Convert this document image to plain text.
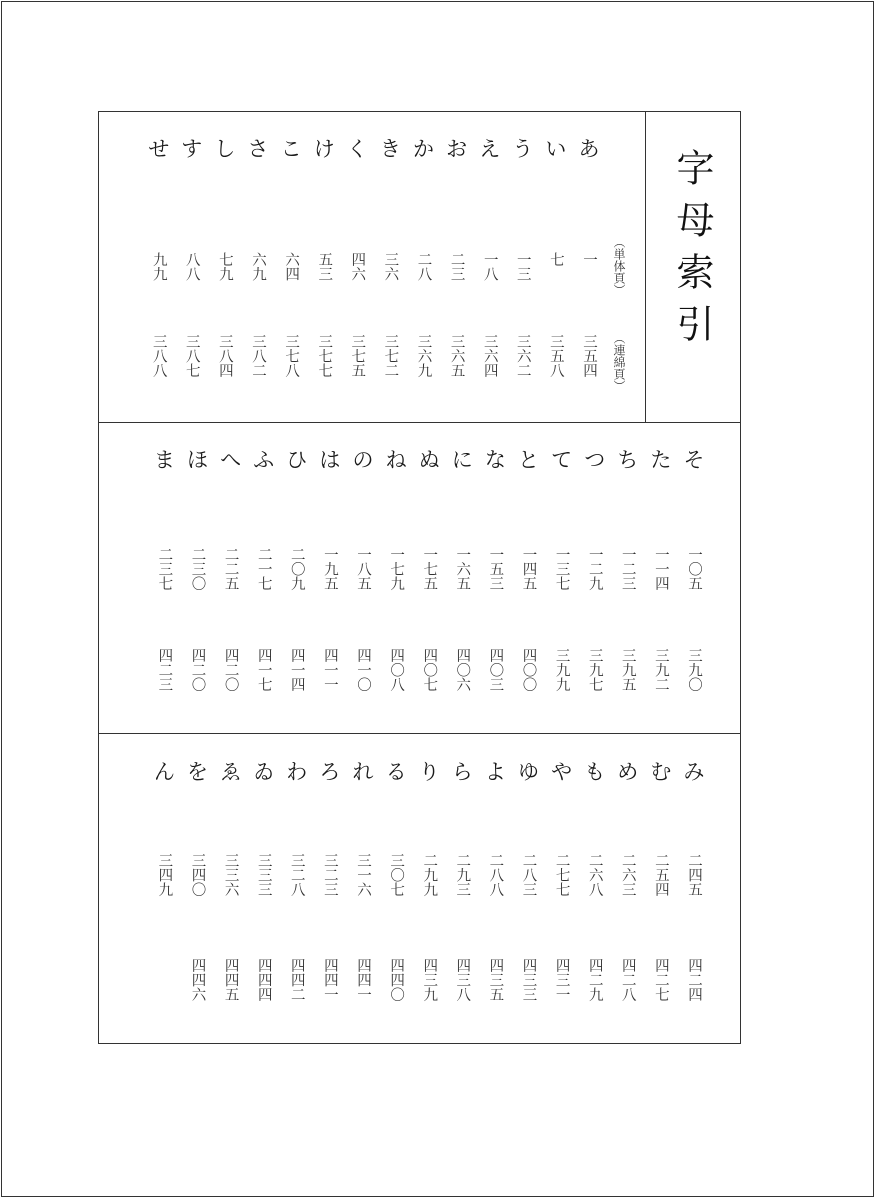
字母索引
（単体頁）
（連綿頁）
あ
一
三五四
い
七
三五八
う
一三
三六二
え
一八
三六四
お
二三
三六五
か
二八
三六九
き
三六
三七二
く
四六
三七五
け
五三
三七七
こ
六四
三七八
さ
六九
三八二
し
七九
三八四
す
八八
三八七
せ
九九
三八八
そ
一〇五
三九〇
た
一一四
三九二
ち
一二三
三九五
つ
一二九
三九七
て
一三七
三九九
と
一四五
四〇〇
な
一五三
四〇三
に
一六五
四〇六
ぬ
一七五
四〇七
ね
一七九
四〇八
の
一八五
四一〇
は
一九五
四一一
ひ
二〇九
四一四
ふ
二一七
四一七
へ
二二五
四二〇
ほ
二三〇
四二〇
ま
二三七
四二三
み
二四五
四二四
む
二五四
四二七
め
二六三
四二八
も
二六八
四二九
や
二七七
四三一
ゆ
二八三
四三三
よ
二八八
四三五
ら
二九三
四三八
り
二九九
四三九
る
三〇七
四四〇
れ
三一六
四四一
ろ
三二三
四四一
わ
三二八
四四二
ゐ
三三三
四四四
ゑ
三三六
四四五
を
三四〇
四四六
ん
三四九
